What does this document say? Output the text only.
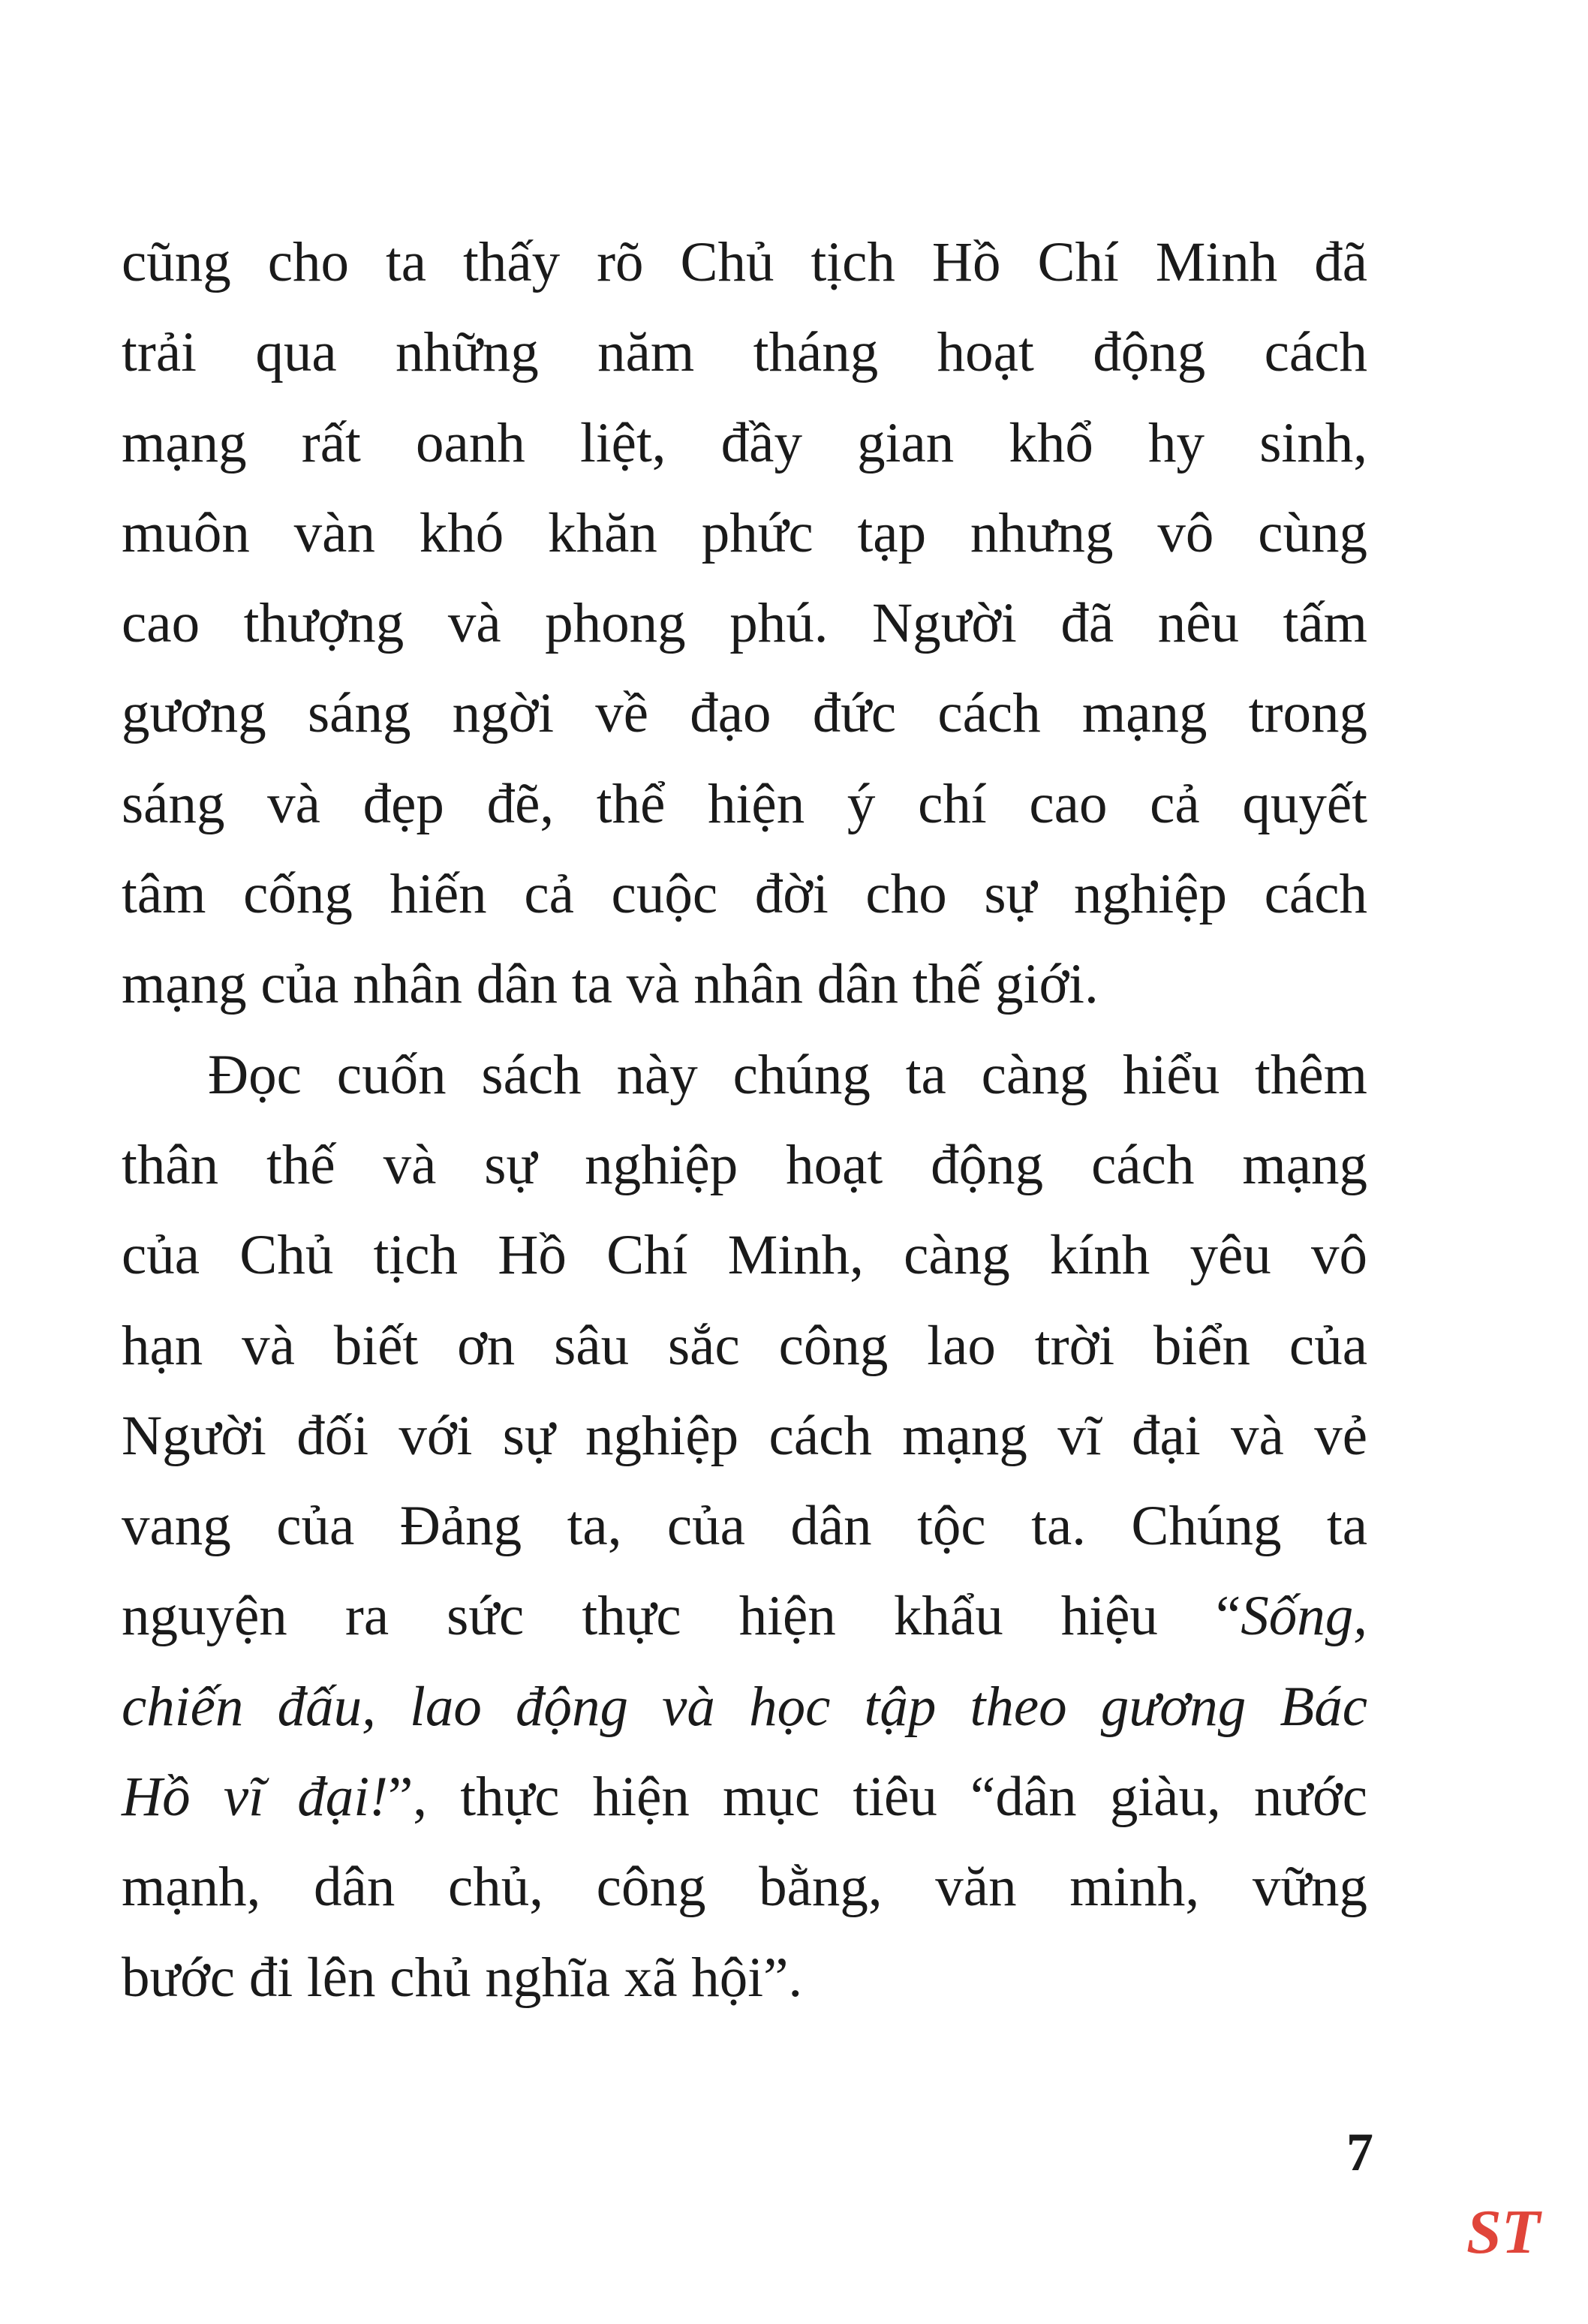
cũng cho ta thấy rõ Chủ tịch Hồ Chí Minh đã
trải qua những năm tháng hoạt động cách
mạng rất oanh liệt, đầy gian khổ hy sinh,
muôn vàn khó khăn phức tạp nhưng vô cùng
cao thượng và phong phú. Người đã nêu tấm
gương sáng ngời về đạo đức cách mạng trong
sáng và đẹp đẽ, thể hiện ý chí cao cả quyết
tâm cống hiến cả cuộc đời cho sự nghiệp cách
mạng của nhân dân ta và nhân dân thế giới.
Đọc cuốn sách này chúng ta càng hiểu thêm
thân thế và sự nghiệp hoạt động cách mạng
của Chủ tịch Hồ Chí Minh, càng kính yêu vô
hạn và biết ơn sâu sắc công lao trời biển của
Người đối với sự nghiệp cách mạng vĩ đại và vẻ
vang của Đảng ta, của dân tộc ta. Chúng ta
nguyện ra sức thực hiện khẩu hiệu “Sống,
chiến đấu, lao động và học tập theo gương Bác
Hồ vĩ đại!”, thực hiện mục tiêu “dân giàu, nước
mạnh, dân chủ, công bằng, văn minh, vững
bước đi lên chủ nghĩa xã hội”.
7
ST
